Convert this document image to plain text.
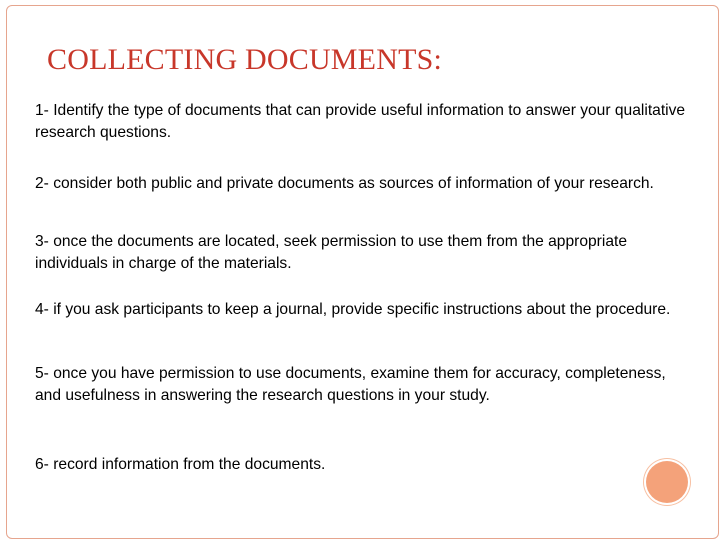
COLLECTING DOCUMENTS:
1- Identify the type of documents that can provide useful information to answer your qualitative research questions.
2- consider both public and private documents as sources of information of your research.
3- once the documents are located, seek permission to use them from the appropriate individuals in charge of the materials.
4- if you ask participants to keep a journal, provide specific instructions about the procedure.
5- once you have permission to use documents, examine them for accuracy, completeness, and usefulness in answering the research questions in your study.
6- record information from the documents.
